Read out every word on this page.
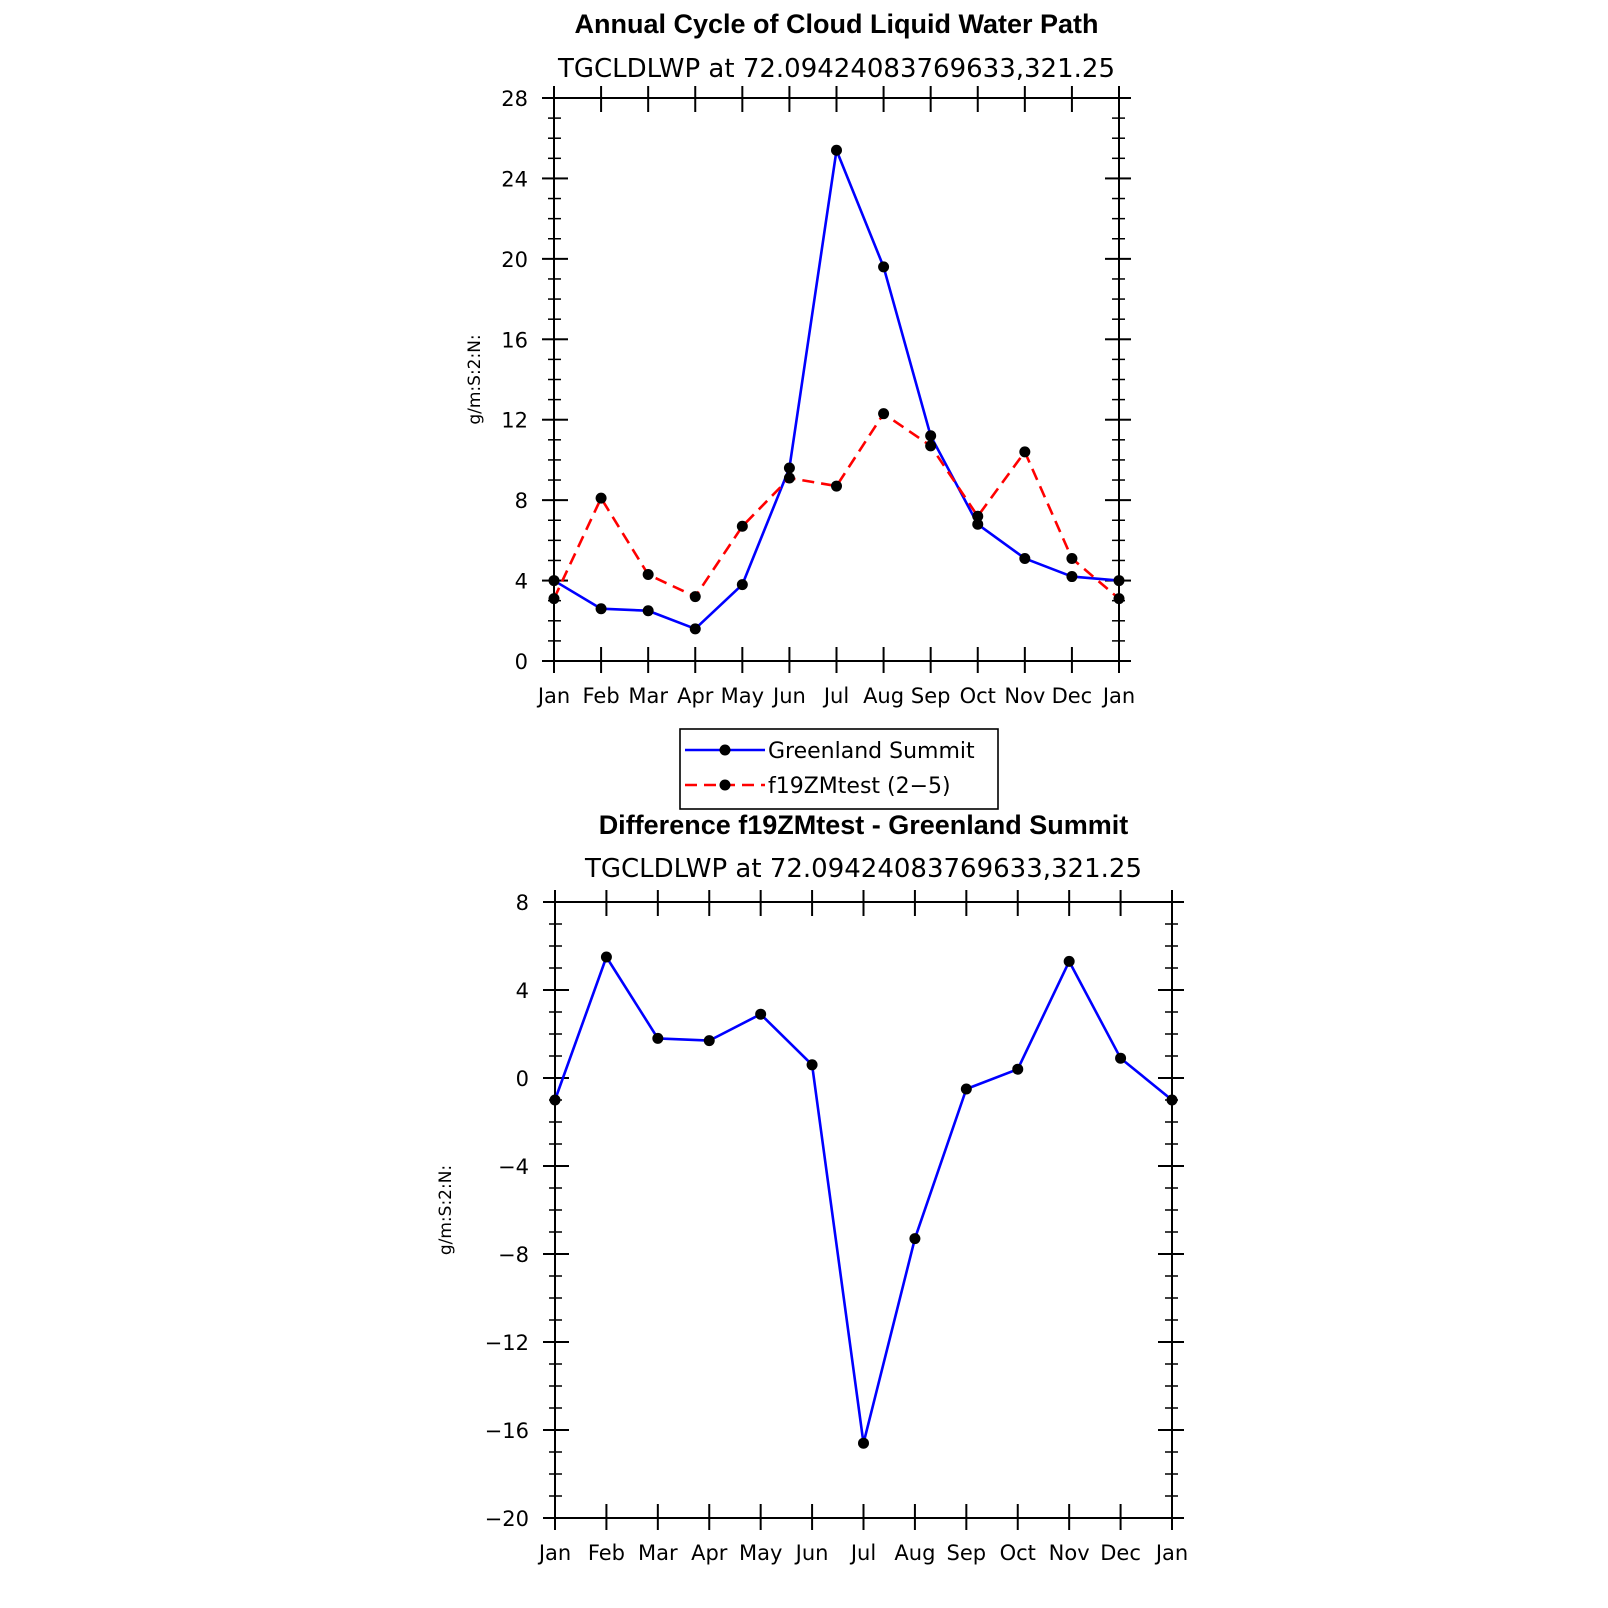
Annual Cycle of Cloud Liquid Water Path
TGCLDLWP at 72.09424083769633,321.25
0
4
8
12
16
20
24
28
Jan Feb Mar Apr May Jun Jul Aug Sep Oct Nov Dec Jan
g/m:S:2:N:
Greenland Summit
f19ZMtest (2−5)
Difference f19ZMtest - Greenland Summit
TGCLDLWP at 72.09424083769633,321.25
−20
−16
−12
−8
−4
0
4
8
Jan Feb Mar Apr May Jun Jul Aug Sep Oct Nov Dec Jan
g/m:S:2:N:
